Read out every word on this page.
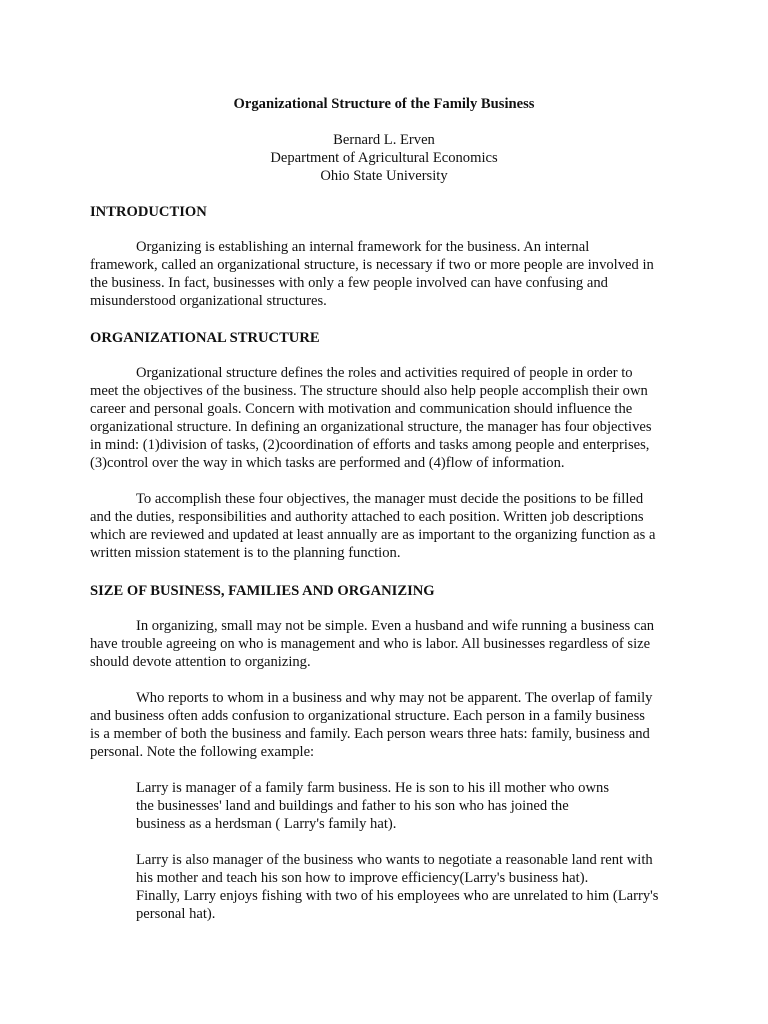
Organizational Structure of the Family Business
Bernard L. Erven
Department of Agricultural Economics
Ohio State University
INTRODUCTION
Organizing is establishing an internal framework for the business. An internal
framework, called an organizational structure, is necessary if two or more people are involved in
the business. In fact, businesses with only a few people involved can have confusing and
misunderstood organizational structures.
ORGANIZATIONAL STRUCTURE
Organizational structure defines the roles and activities required of people in order to
meet the objectives of the business. The structure should also help people accomplish their own
career and personal goals. Concern with motivation and communication should influence the
organizational structure. In defining an organizational structure, the manager has four objectives
in mind: (1)division of tasks, (2)coordination of efforts and tasks among people and enterprises,
(3)control over the way in which tasks are performed and (4)flow of information.
To accomplish these four objectives, the manager must decide the positions to be filled
and the duties, responsibilities and authority attached to each position. Written job descriptions
which are reviewed and updated at least annually are as important to the organizing function as a
written mission statement is to the planning function.
SIZE OF BUSINESS, FAMILIES AND ORGANIZING
In organizing, small may not be simple. Even a husband and wife running a business can
have trouble agreeing on who is management and who is labor. All businesses regardless of size
should devote attention to organizing.
Who reports to whom in a business and why may not be apparent. The overlap of family
and business often adds confusion to organizational structure. Each person in a family business
is a member of both the business and family. Each person wears three hats: family, business and
personal. Note the following example:
Larry is manager of a family farm business. He is son to his ill mother who owns
the businesses' land and buildings and father to his son who has joined the
business as a herdsman ( Larry's family hat).
Larry is also manager of the business who wants to negotiate a reasonable land rent with
his mother and teach his son how to improve efficiency(Larry's business hat).
Finally, Larry enjoys fishing with two of his employees who are unrelated to him (Larry's
personal hat).
